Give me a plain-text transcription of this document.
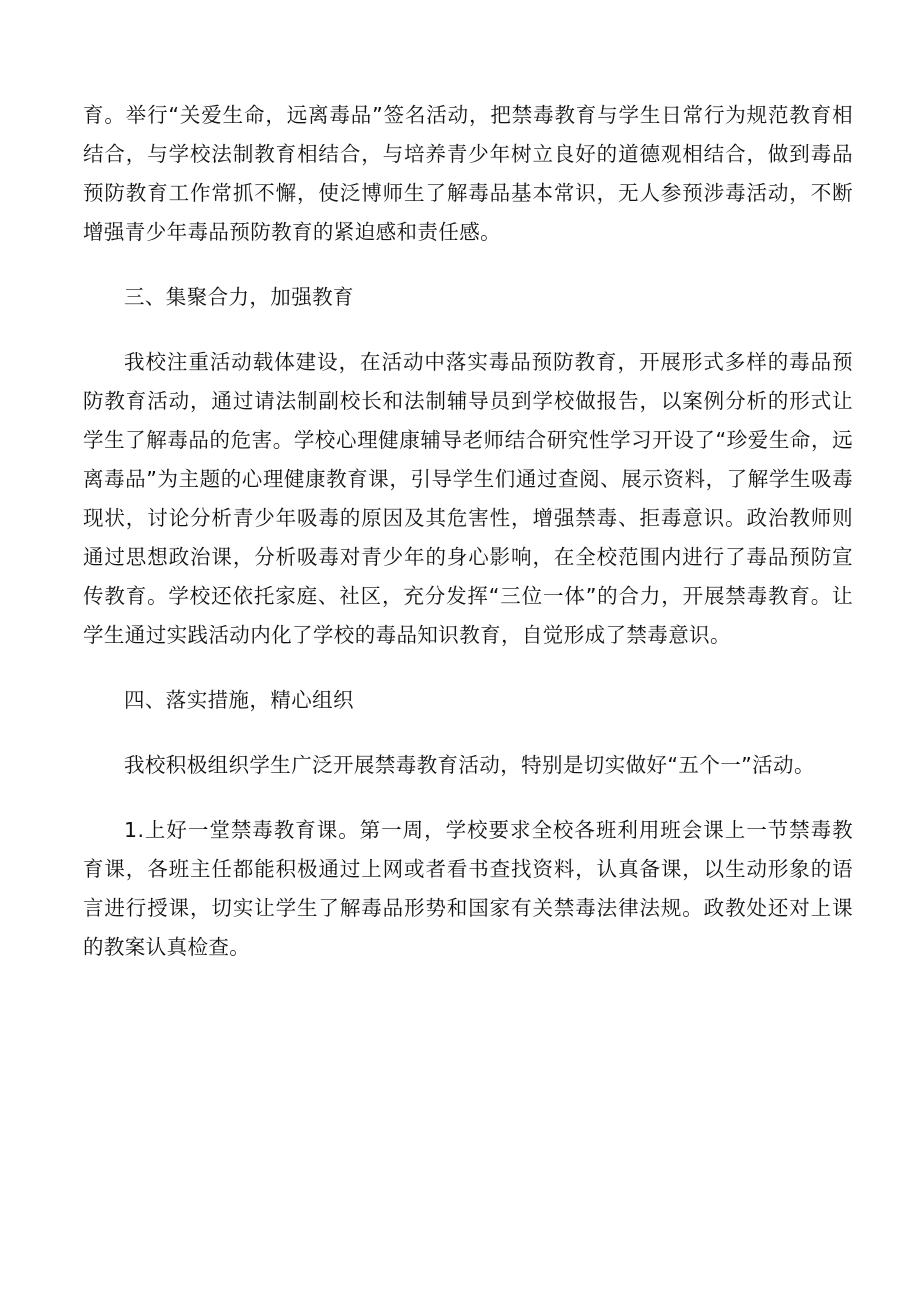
育。举行“关爱生命，远离毒品”签名活动，把禁毒教育与学生日常行为规范教育相结合，与学校法制教育相结合，与培养青少年树立良好的道德观相结合，做到毒品预防教育工作常抓不懈，使泛博师生了解毒品基本常识，无人参预涉毒活动，不断增强青少年毒品预防教育的紧迫感和责任感。

三、集聚合力，加强教育

我校注重活动载体建设，在活动中落实毒品预防教育，开展形式多样的毒品预防教育活动，通过请法制副校长和法制辅导员到学校做报告，以案例分析的形式让学生了解毒品的危害。学校心理健康辅导老师结合研究性学习开设了“珍爱生命，远离毒品”为主题的心理健康教育课，引导学生们通过查阅、展示资料，了解学生吸毒现状，讨论分析青少年吸毒的原因及其危害性，增强禁毒、拒毒意识。政治教师则通过思想政治课，分析吸毒对青少年的身心影响，在全校范围内进行了毒品预防宣传教育。学校还依托家庭、社区，充分发挥“三位一体”的合力，开展禁毒教育。让学生通过实践活动内化了学校的毒品知识教育，自觉形成了禁毒意识。

四、落实措施，精心组织

我校积极组织学生广泛开展禁毒教育活动，特别是切实做好“五个一”活动。

1.上好一堂禁毒教育课。第一周，学校要求全校各班利用班会课上一节禁毒教育课，各班主任都能积极通过上网或者看书查找资料，认真备课，以生动形象的语言进行授课，切实让学生了解毒品形势和国家有关禁毒法律法规。政教处还对上课的教案认真检查。
